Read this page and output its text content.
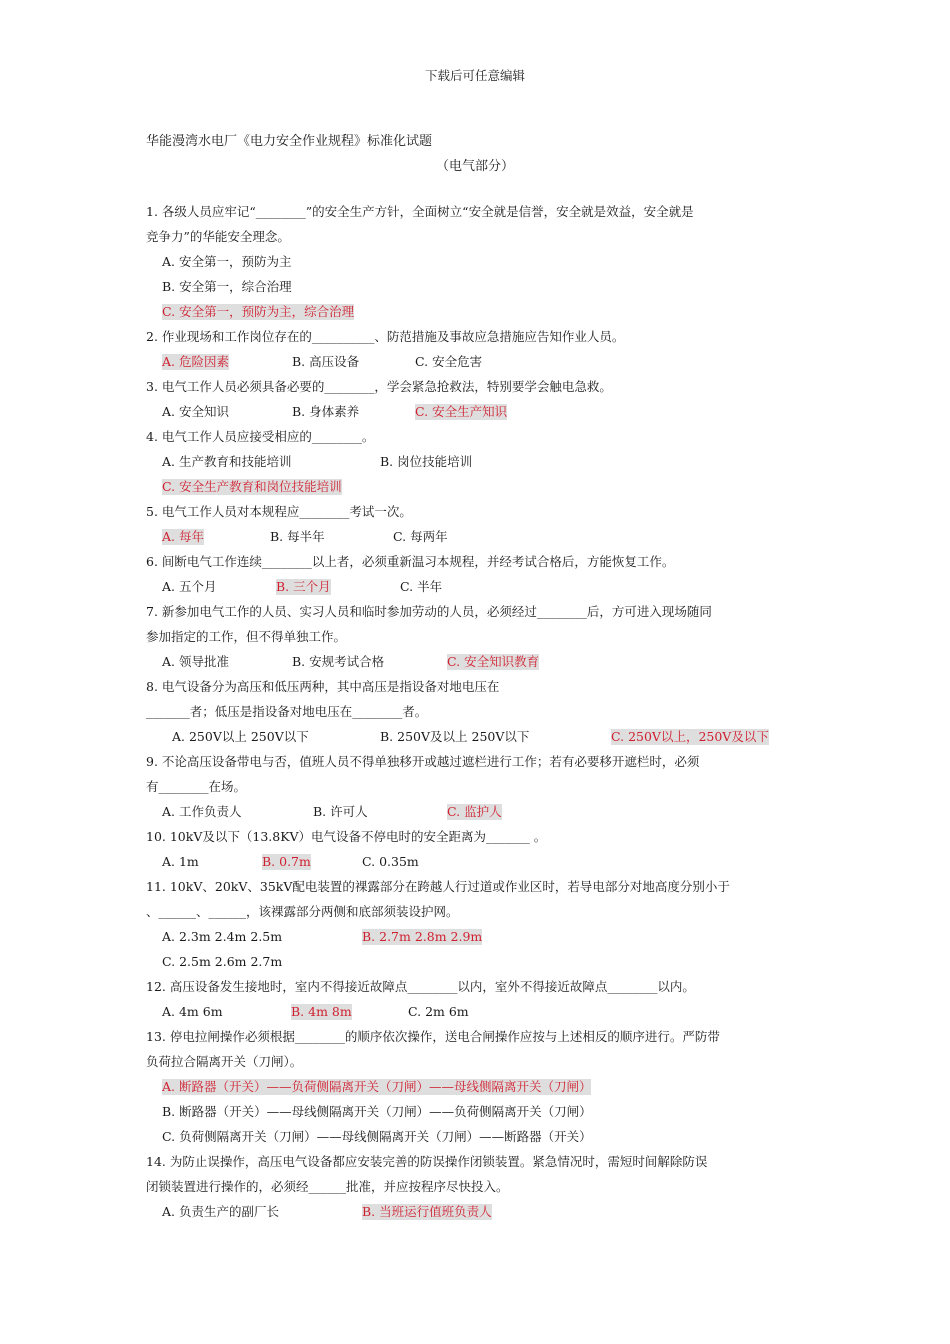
下载后可任意编辑
华能漫湾水电厂《电力安全作业规程》标准化试题
（电气部分）
1. 各级人员应牢记“________”的安全生产方针，全面树立“安全就是信誉，安全就是效益，安全就是
竞争力”的华能安全理念。
A. 安全第一，预防为主
B. 安全第一，综合治理
C. 安全第一，预防为主，综合治理
2. 作业现场和工作岗位存在的__________、防范措施及事故应急措施应告知作业人员。
A. 危险因素	B. 高压设备	C. 安全危害
3. 电气工作人员必须具备必要的________，学会紧急抢救法，特别要学会触电急救。
A. 安全知识	B. 身体素养	C. 安全生产知识
4. 电气工作人员应接受相应的________。
A. 生产教育和技能培训	B. 岗位技能培训
C. 安全生产教育和岗位技能培训
5. 电气工作人员对本规程应________考试一次。
A. 每年	B. 每半年	C. 每两年
6. 间断电气工作连续________以上者，必须重新温习本规程，并经考试合格后，方能恢复工作。
A. 五个月	B. 三个月	C. 半年
7. 新参加电气工作的人员、实习人员和临时参加劳动的人员，必须经过________后，方可进入现场随同
参加指定的工作，但不得单独工作。
A. 领导批准	B. 安规考试合格	C. 安全知识教育
8. 电气设备分为高压和低压两种，其中高压是指设备对地电压在
_______者；低压是指设备对地电压在________者。
A. 250V以上 250V以下	B. 250V及以上 250V以下	C. 250V以上，250V及以下
9. 不论高压设备带电与否，值班人员不得单独移开或越过遮栏进行工作；若有必要移开遮栏时，必须
有________在场。
A. 工作负责人	B. 许可人	C. 监护人
10. 10kV及以下（13.8KV）电气设备不停电时的安全距离为_______ 。
A. 1m	B. 0.7m	C. 0.35m
11. 10kV、20kV、35kV配电装置的裸露部分在跨越人行过道或作业区时，若导电部分对地高度分别小于
、______、______，该裸露部分两侧和底部须装设护网。
A. 2.3m 2.4m 2.5m	B. 2.7m 2.8m 2.9m
C. 2.5m 2.6m 2.7m
12. 高压设备发生接地时，室内不得接近故障点________以内，室外不得接近故障点________以内。
A. 4m 6m	B. 4m 8m	C. 2m 6m
13. 停电拉闸操作必须根据________的顺序依次操作，送电合闸操作应按与上述相反的顺序进行。严防带
负荷拉合隔离开关（刀闸）。
A. 断路器（开关）——负荷侧隔离开关（刀闸）——母线侧隔离开关（刀闸）
B. 断路器（开关）——母线侧隔离开关（刀闸）——负荷侧隔离开关（刀闸）
C. 负荷侧隔离开关（刀闸）——母线侧隔离开关（刀闸）——断路器（开关）
14. 为防止误操作，高压电气设备都应安装完善的防误操作闭锁装置。紧急情况时，需短时间解除防误
闭锁装置进行操作的，必须经______批准，并应按程序尽快投入。
A. 负责生产的副厂长	B. 当班运行值班负责人
